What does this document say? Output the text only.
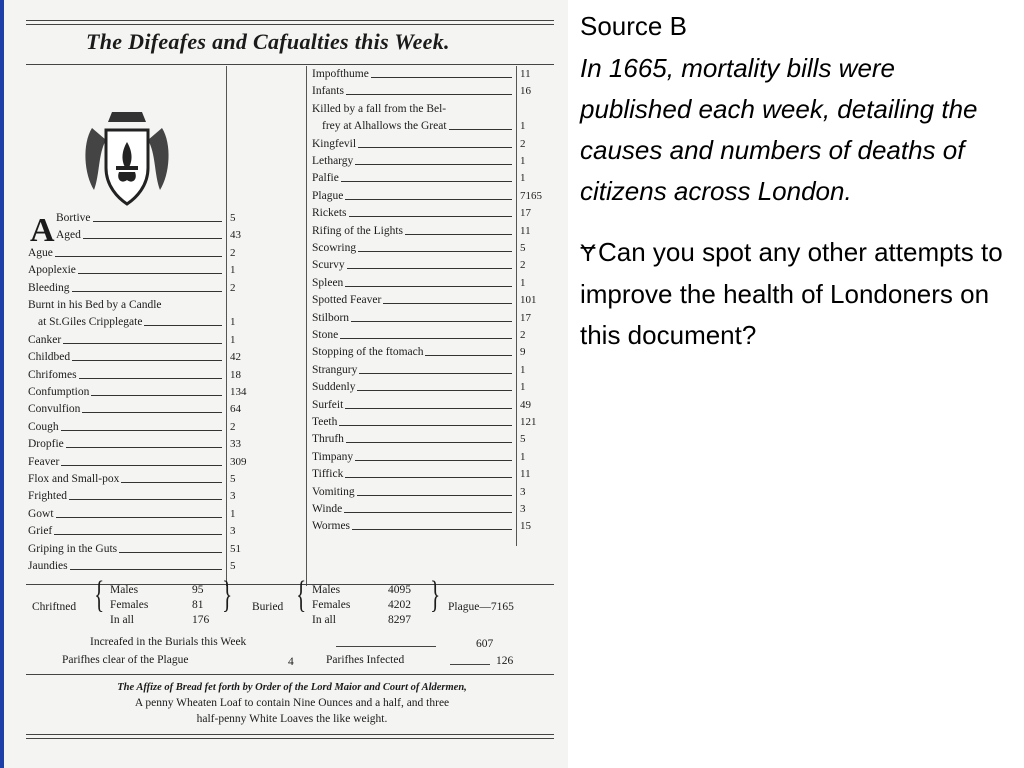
The Difeafes and Cafualties this Week.
A Bortive	5
Aged	43
Ague	2
Apoplexie	1
Bleeding	2
Burnt in his Bed by a Candle
at St.Giles Cripplegate	1
Canker	1
Childbed	42
Chrifomes	18
Confumption	134
Convulfion	64
Cough	2
Dropfie	33
Feaver	309
Flox and Small-pox	5
Frighted	3
Gowt	1
Grief	3
Griping in the Guts	51
Jaundies	5
Impofthume	11
Infants	16
Killed by a fall from the Bel-
frey at Alhallows the Great	1
Kingfevil	2
Lethargy	1
Palfie	1
Plague	7165
Rickets	17
Rifing of the Lights	11
Scowring	5
Scurvy	2
Spleen	1
Spotted Feaver	101
Stilborn	17
Stone	2
Stopping of the ftomach	9
Strangury	1
Suddenly	1
Surfeit	49
Teeth	121
Thrufh	5
Timpany	1
Tiffick	11
Vomiting	3
Winde	3
Wormes	15
Chriftned { Males	95
Females	81
In all	176
} Buried { Males	4095
Females	4202
In all	8297
} Plague—7165
Increafed in the Burials this Week	607
Parifhes clear of the Plague	4	Parifhes Infected	126
The Affize of Bread fet forth by Order of the Lord Maior and Court of Aldermen,
A penny Wheaten Loaf to contain Nine Ounces and a half, and three
half-penny White Loaves the like weight.

Source B

In 1665, mortality bills were published each week, detailing the causes and numbers of deaths of citizens across London.

ɎCan you spot any other attempts to improve the health of Londoners on this document?
